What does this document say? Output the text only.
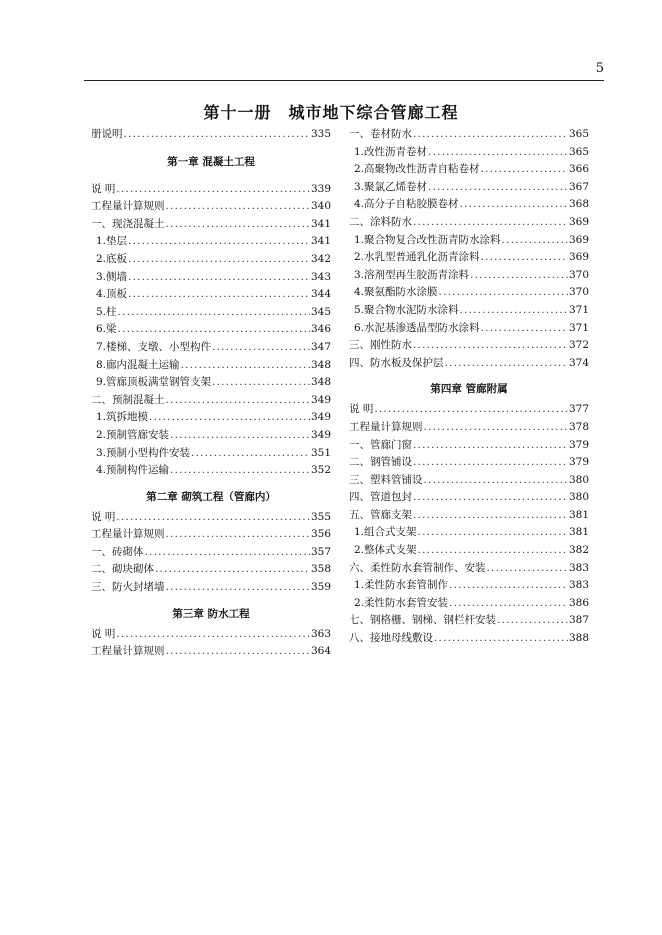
5
第十一册　城市地下综合管廊工程
册说明 .....	335
第一章 混凝土工程
说 明 .....	339
工程量计算规则 .....	340
一、现浇混凝土 .....	341
1.垫层 .....	341
2.底板 .....	342
3.侧墙 .....	343
4.顶板 .....	344
5.柱 .....	345
6.梁 .....	346
7.楼梯、支墩、小型构件 .....	347
8.廊内混凝土运输 .....	348
9.管廊顶板满堂钢管支架 .....	348
二、预制混凝土 .....	349
1.筑拆地模 .....	349
2.预制管廊安装 .....	349
3.预制小型构件安装 .....	351
4.预制构件运输 .....	352
第二章 砌筑工程（管廊内）
说 明 .....	355
工程量计算规则 .....	356
一、砖砌体 .....	357
二、砌块砌体 .....	358
三、防火封堵墙 .....	359
第三章 防水工程
说 明 .....	363
工程量计算规则 .....	364
一、卷材防水 .....	365
1.改性沥青卷材 .....	365
2.高聚物改性沥青自粘卷材 .....	366
3.聚氯乙烯卷材 .....	367
4.高分子自粘胶膜卷材 .....	368
二、涂料防水 .....	369
1.聚合物复合改性沥青防水涂料 .....	369
2.水乳型普通乳化沥青涂料 .....	369
3.溶剂型再生胶沥青涂料 .....	370
4.聚氨酯防水涂膜 .....	370
5.聚合物水泥防水涂料 .....	371
6.水泥基渗透晶型防水涂料 .....	371
三、刚性防水 .....	372
四、防水板及保护层 .....	374
第四章 管廊附属
说 明 .....	377
工程量计算规则 .....	378
一、管廊门窗 .....	379
二、钢管铺设 .....	379
三、塑料管铺设 .....	380
四、管道包封 .....	380
五、管廊支架 .....	381
1.组合式支架 .....	381
2.整体式支架 .....	382
六、柔性防水套管制作、安装 .....	383
1.柔性防水套管制作 .....	383
2.柔性防水套管安装 .....	386
七、钢格栅、钢梯、钢栏杆安装 .....	387
八、接地母线敷设 .....	388
